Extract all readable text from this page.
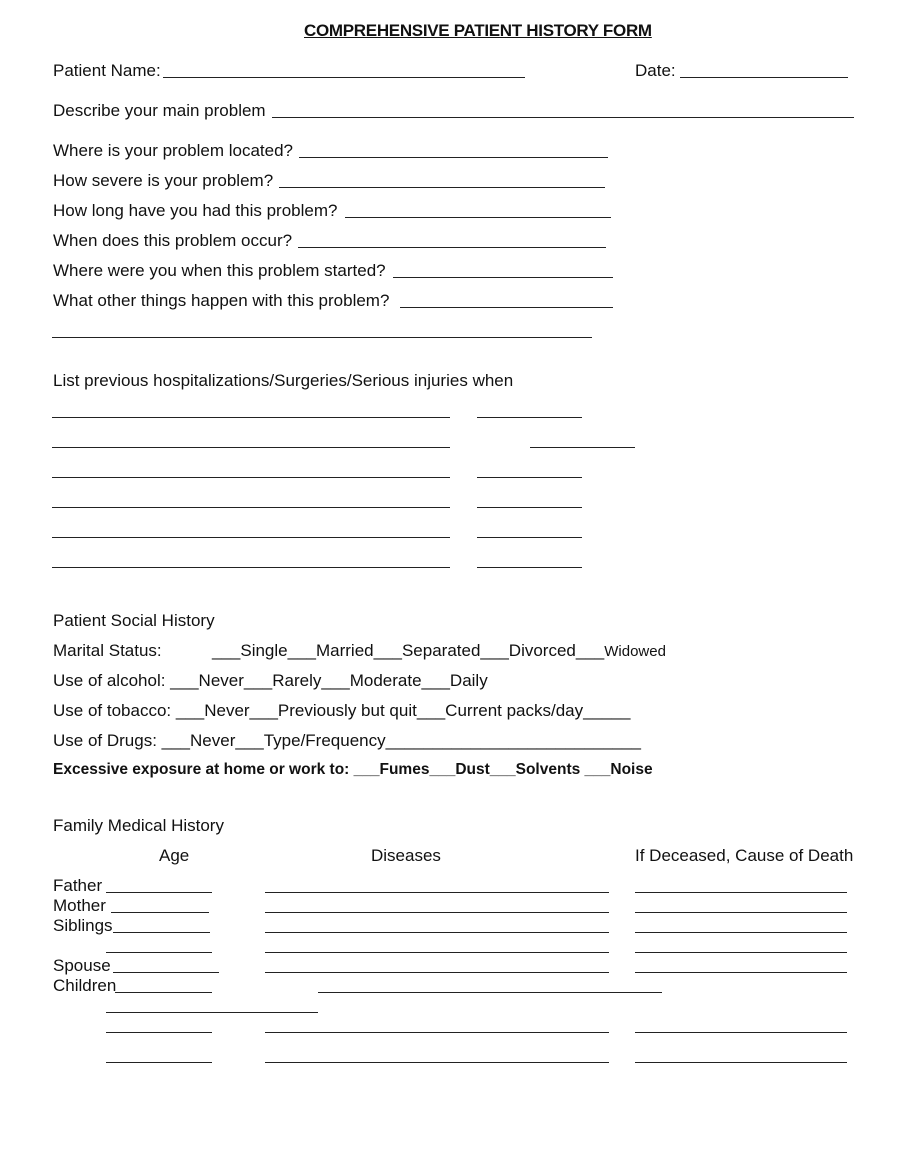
COMPREHENSIVE PATIENT HISTORY FORM
Patient Name:	Date:
Describe your main problem
Where is your problem located?
How severe is your problem?
How long have you had this problem?
When does this problem occur?
Where were you when this problem started?
What other things happen with this problem?
List previous hospitalizations/Surgeries/Serious injuries when
Patient Social History
Marital Status:	___Single___Married___Separated___Divorced___Widowed
Use of alcohol: ___Never___Rarely___Moderate___Daily
Use of tobacco: ___Never___Previously but quit___Current packs/day_____
Use of Drugs: ___Never___Type/Frequency___________________________
Excessive exposure at home or work to: ___Fumes___Dust___Solvents ___Noise
Family Medical History
Age	Diseases	If Deceased, Cause of Death
Father
Mother
Siblings
Spouse
Children
